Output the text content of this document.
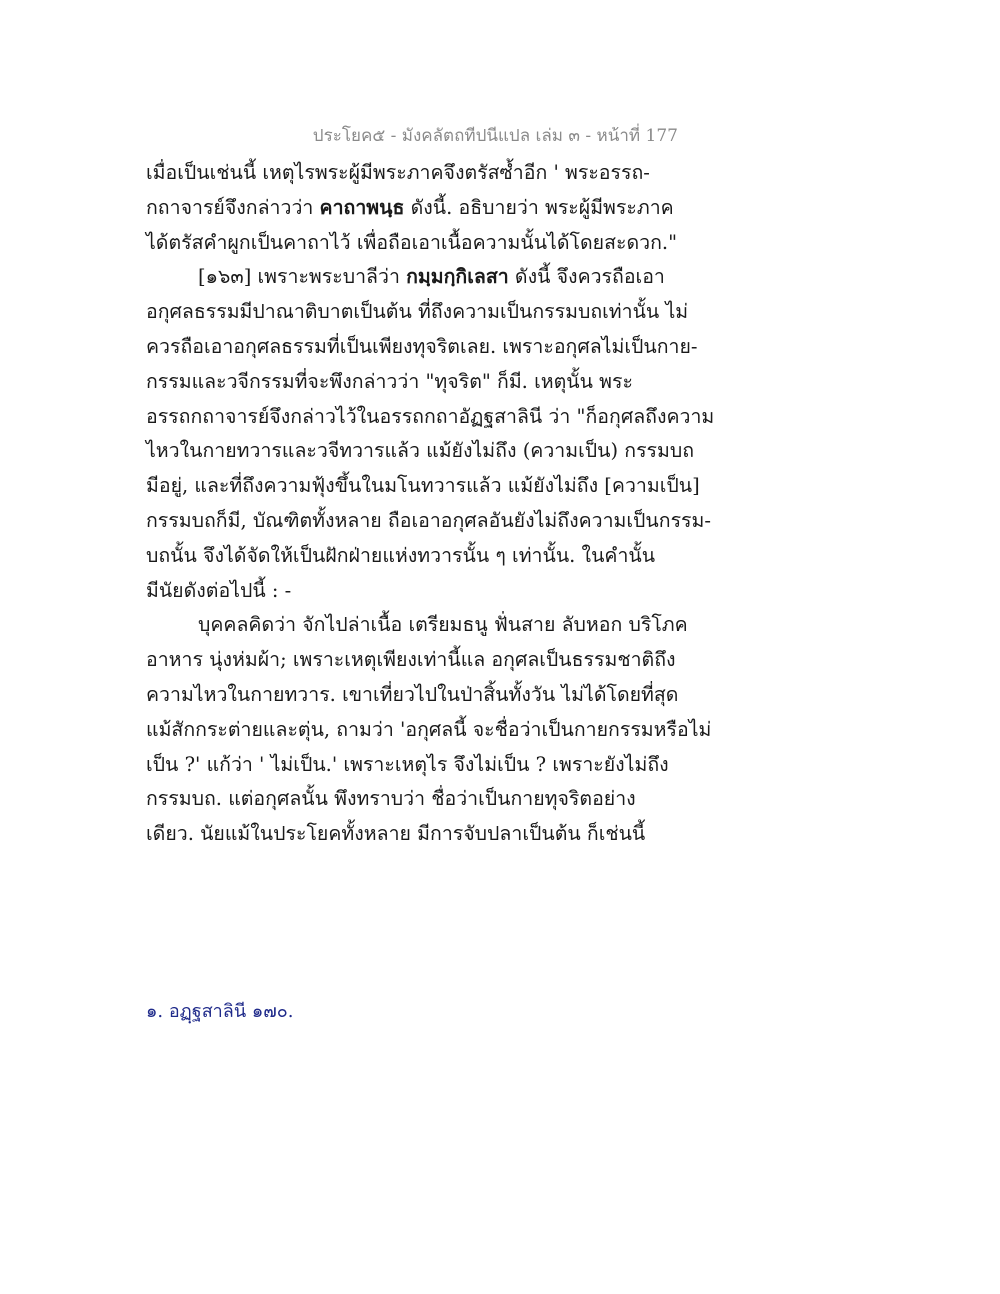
ประโยค๕ - มังคลัตถทีปนีแปล เล่ม ๓ - หน้าที่ 177
เมื่อเป็นเช่นนี้ เหตุไรพระผู้มีพระภาคจึงตรัสซ้ำอีก ' พระอรรถ-
กถาจารย์จึงกล่าวว่า คาถาพนฺธ ดังนี้. อธิบายว่า พระผู้มีพระภาค
ได้ตรัสคำผูกเป็นคาถาไว้ เพื่อถือเอาเนื้อความนั้นได้โดยสะดวก."
[๑๖๓] เพราะพระบาลีว่า กมฺมกฺกิเลสา ดังนี้ จึงควรถือเอา
อกุศลธรรมมีปาณาติบาตเป็นต้น ที่ถึงความเป็นกรรมบถเท่านั้น ไม่
ควรถือเอาอกุศลธรรมที่เป็นเพียงทุจริตเลย. เพราะอกุศลไม่เป็นกาย-
กรรมและวจีกรรมที่จะพึงกล่าวว่า "ทุจริต" ก็มี. เหตุนั้น พระ
อรรถกถาจารย์จึงกล่าวไว้ในอรรถกถาอัฏฐสาลินี ว่า "ก็อกุศลถึงความ
ไหวในกายทวารและวจีทวารแล้ว แม้ยังไม่ถึง (ความเป็น) กรรมบถ
มีอยู่, และที่ถึงความฟุ้งขึ้นในมโนทวารแล้ว แม้ยังไม่ถึง [ความเป็น]
กรรมบถก็มี, บัณฑิตทั้งหลาย ถือเอาอกุศลอันยังไม่ถึงความเป็นกรรม-
บถนั้น จึงได้จัดให้เป็นฝักฝ่ายแห่งทวารนั้น ๆ เท่านั้น. ในคำนั้น
มีนัยดังต่อไปนี้ : -
บุคคลคิดว่า จักไปล่าเนื้อ เตรียมธนู ฟั่นสาย ลับหอก บริโภค
อาหาร นุ่งห่มผ้า; เพราะเหตุเพียงเท่านี้แล อกุศลเป็นธรรมชาติถึง
ความไหวในกายทวาร. เขาเที่ยวไปในป่าสิ้นทั้งวัน ไม่ได้โดยที่สุด
แม้สักกระต่ายและตุ่น, ถามว่า 'อกุศลนี้ จะชื่อว่าเป็นกายกรรมหรือไม่
เป็น ?' แก้ว่า ' ไม่เป็น.' เพราะเหตุไร จึงไม่เป็น ? เพราะยังไม่ถึง
กรรมบถ. แต่อกุศลนั้น พึงทราบว่า ชื่อว่าเป็นกายทุจริตอย่าง
เดียว. นัยแม้ในประโยคทั้งหลาย มีการจับปลาเป็นต้น ก็เช่นนี้
๑. อฏฺฐสาลินี ๑๗๐.
